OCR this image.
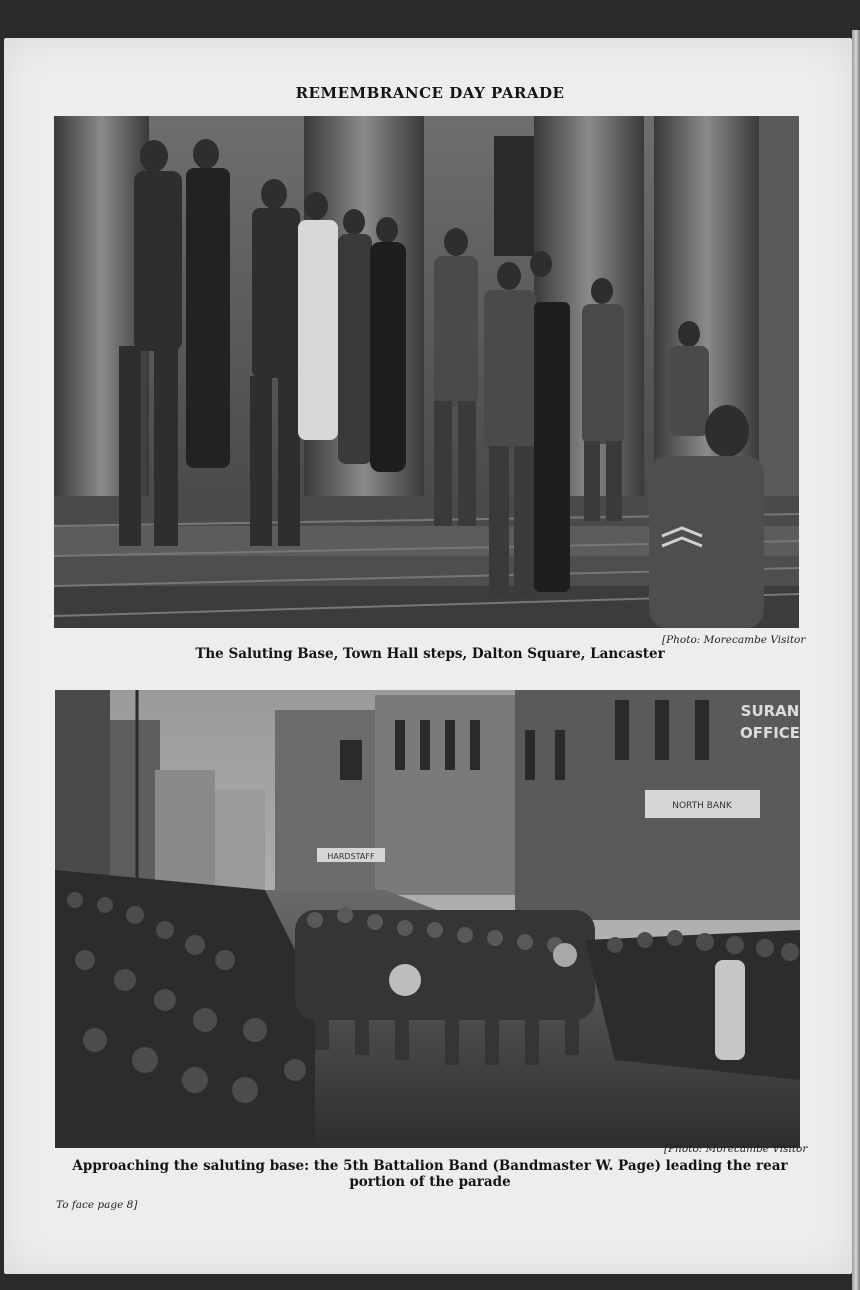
REMEMBRANCE DAY PARADE
[Photo: Morecambe Visitor
The Saluting Base, Town Hall steps, Dalton Square, Lancaster
NORTH BANK
HARDSTAFF
SURAN
OFFICE
[Photo: Morecambe Visitor
Approaching the saluting base: the 5th Battalion Band (Bandmaster W. Page) leading the rear portion of the parade
To face page 8]
